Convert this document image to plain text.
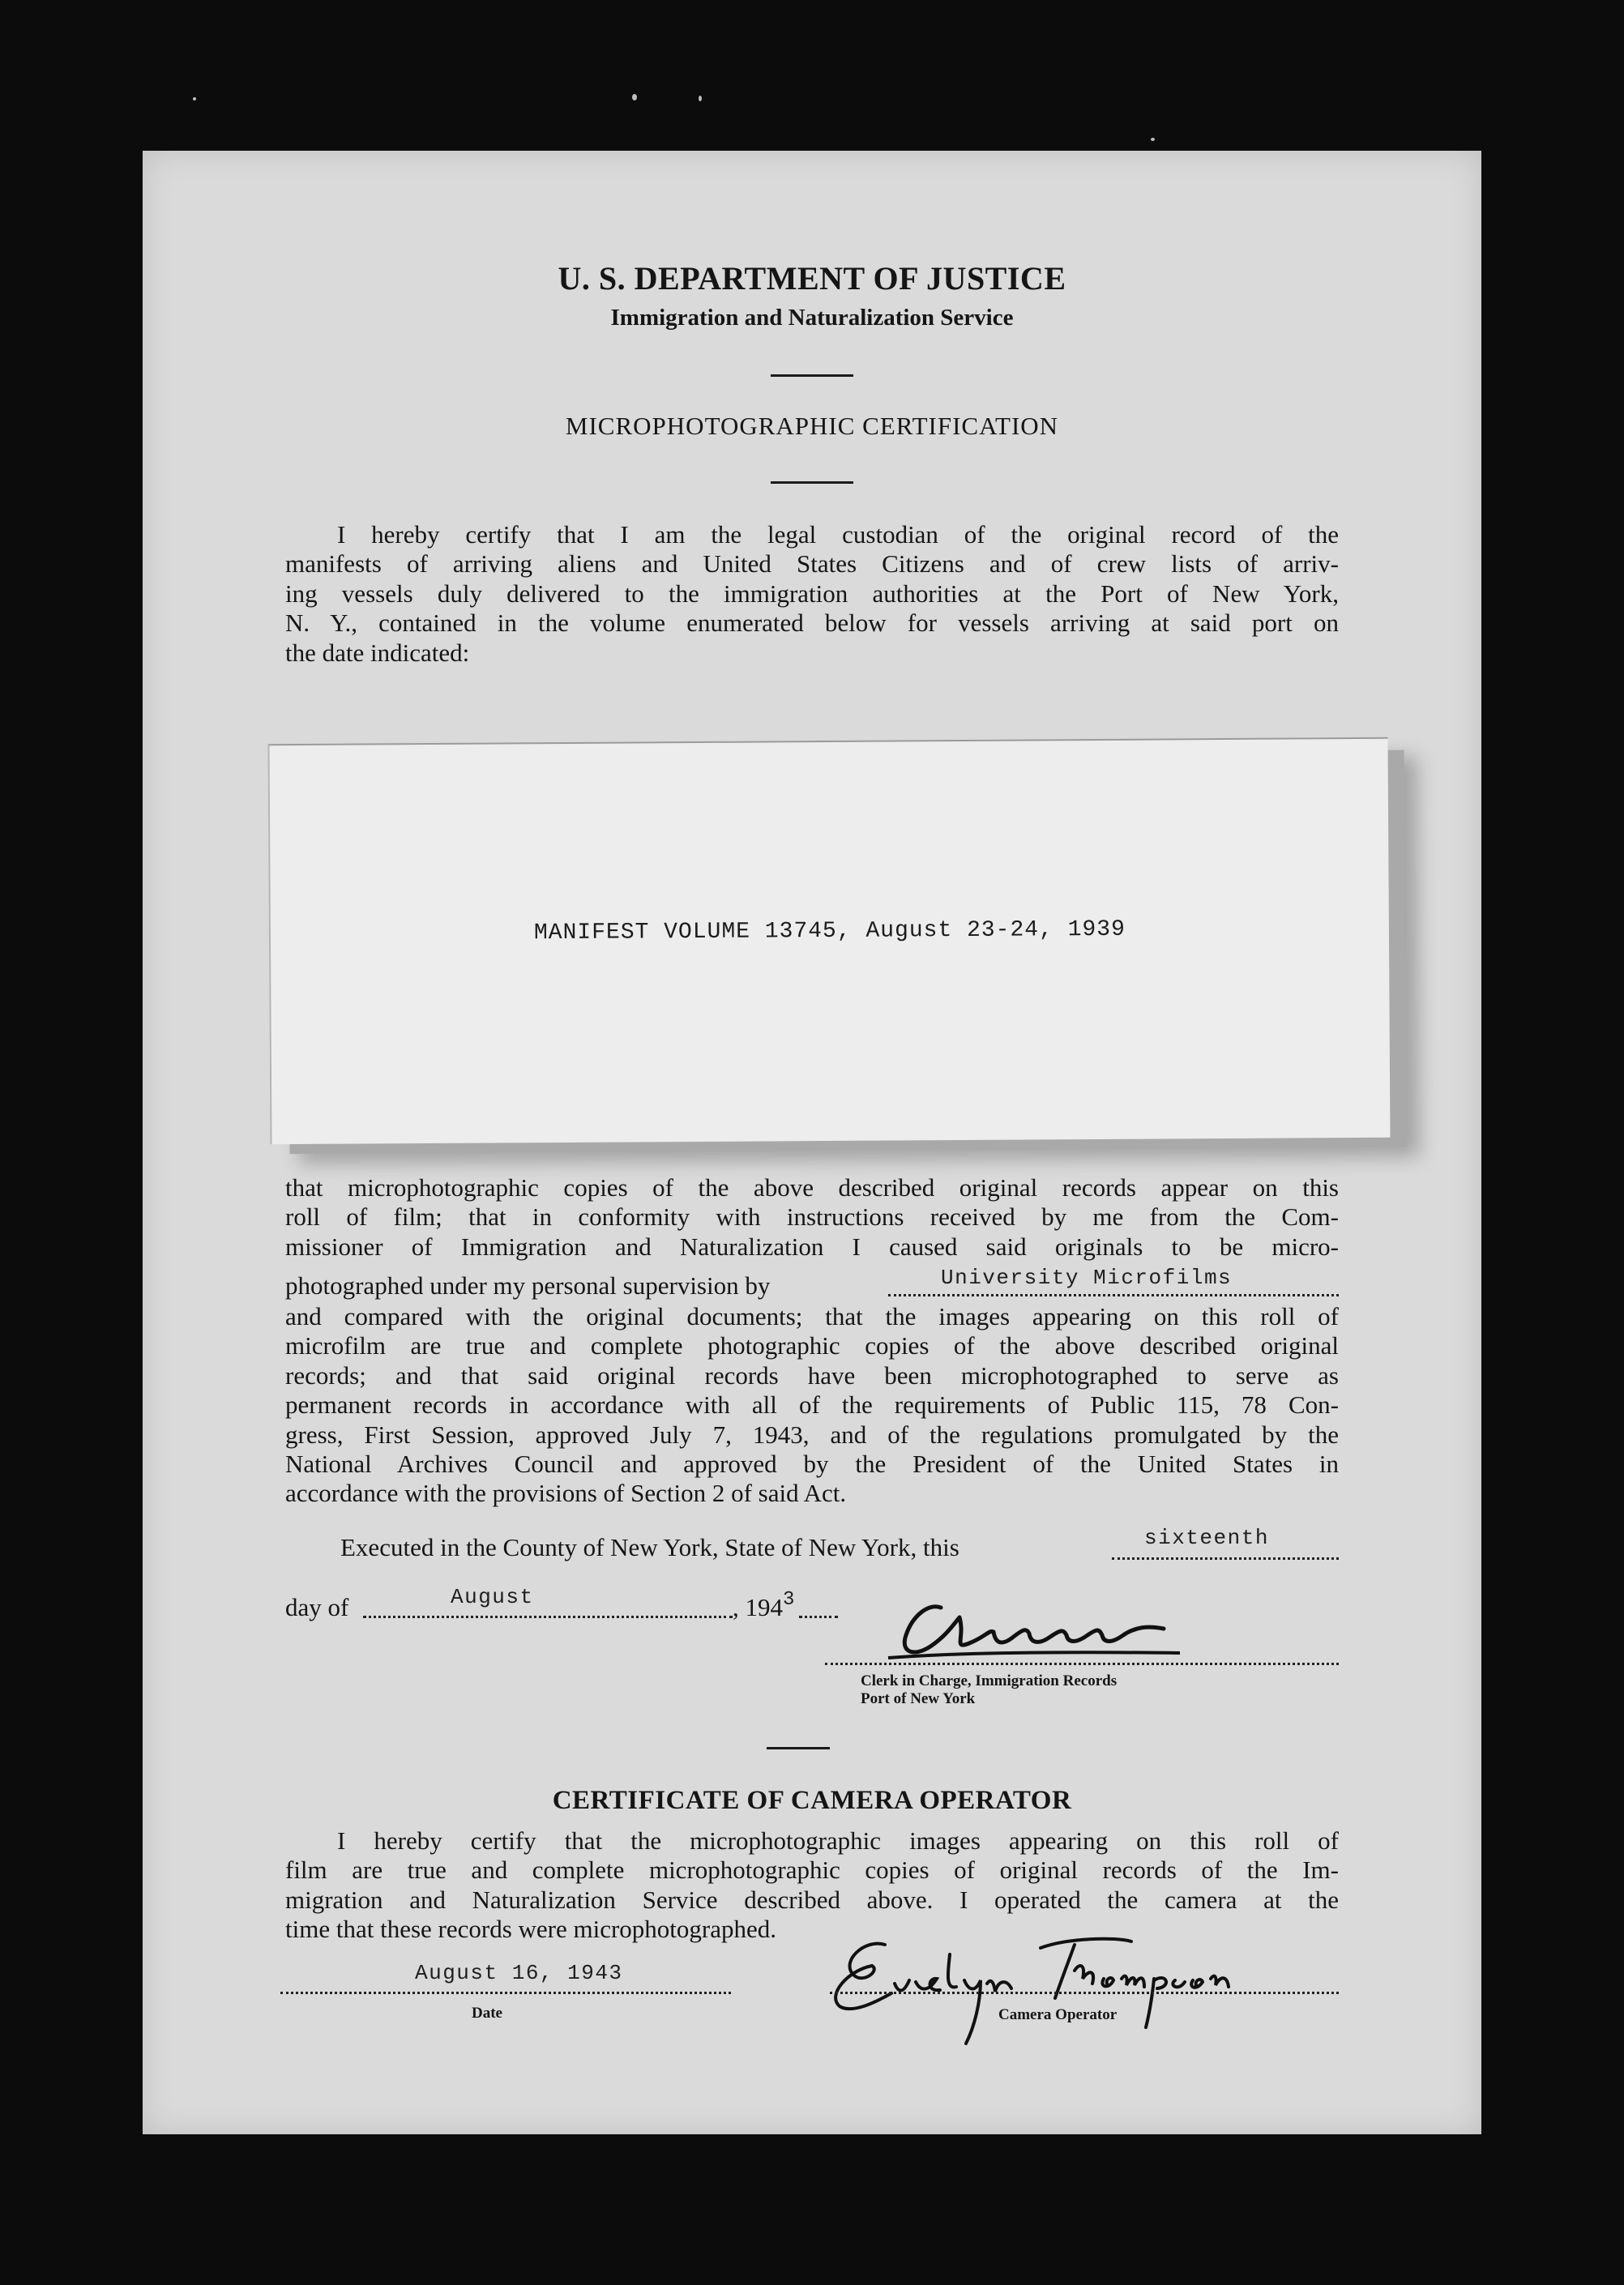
U. S. DEPARTMENT OF JUSTICE
Immigration and Naturalization Service
MICROPHOTOGRAPHIC CERTIFICATION
I hereby certify that I am the legal custodian of the original record of the
manifests of arriving aliens and United States Citizens and of crew lists of arriv-
ing vessels duly delivered to the immigration authorities at the Port of New York,
N. Y., contained in the volume enumerated below for vessels arriving at said port on
the date indicated:
MANIFEST VOLUME 13745, August 23-24, 1939
that microphotographic copies of the above described original records appear on this
roll of film; that in conformity with instructions received by me from the Com-
missioner of Immigration and Naturalization I caused said originals to be micro-
photographed under my personal supervision by	University Microfilms
and compared with the original documents; that the images appearing on this roll of
microfilm are true and complete photographic copies of the above described original
records; and that said original records have been microphotographed to serve as
permanent records in accordance with all of the requirements of Public 115, 78 Con-
gress, First Session, approved July 7, 1943, and of the regulations promulgated by the
National Archives Council and approved by the President of the United States in
accordance with the provisions of Section 2 of said Act.
Executed in the County of New York, State of New York, this	sixteenth
day of	August	, $194^3$
Clerk in Charge, Immigration Records
Port of New York
CERTIFICATE OF CAMERA OPERATOR
I hereby certify that the microphotographic images appearing on this roll of
film are true and complete microphotographic copies of original records of the Im-
migration and Naturalization Service described above. I operated the camera at the
time that these records were microphotographed.
August 16, 1943
Date	Camera Operator
